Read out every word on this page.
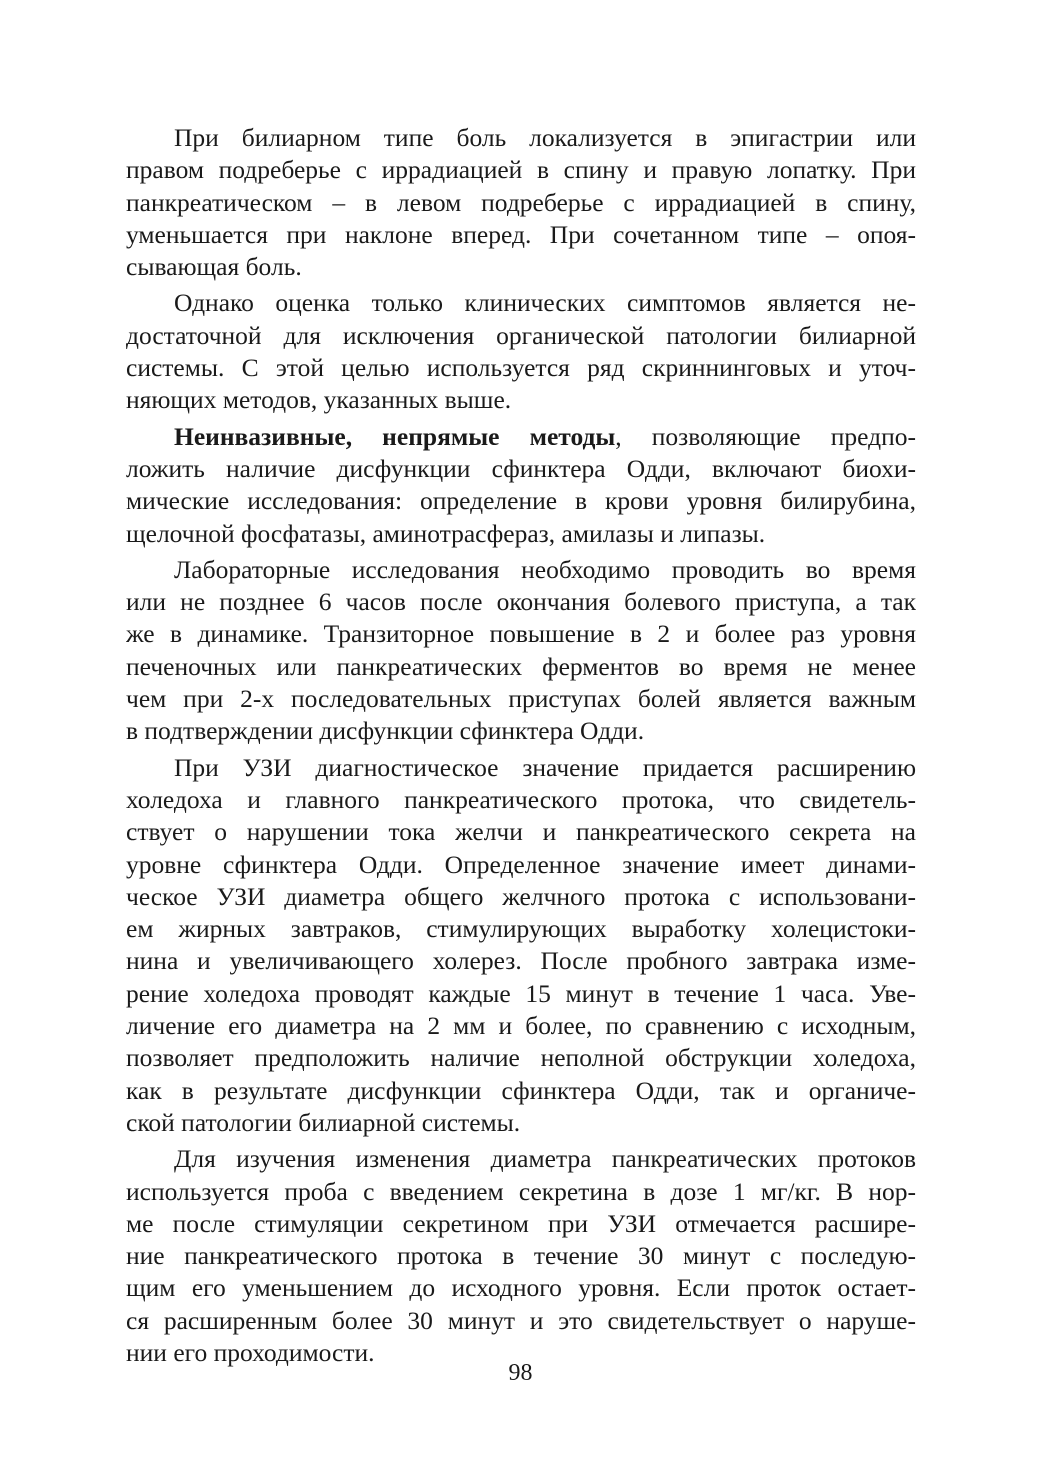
При билиарном типе боль локализуется в эпигастрии или
правом подреберье с иррадиацией в спину и правую лопатку. При
панкреатическом – в левом подреберье с иррадиацией в спину,
уменьшается при наклоне вперед. При сочетанном типе – опоя-
сывающая боль.
Однако оценка только клинических симптомов является не-
достаточной для исключения органической патологии билиарной
системы. С этой целью используется ряд скриннинговых и уточ-
няющих методов, указанных выше.
Неинвазивные, непрямые методы, позволяющие предпо-
ложить наличие дисфункции сфинктера Одди, включают биохи-
мические исследования: определение в крови уровня билирубина,
щелочной фосфатазы, аминотрасфераз, амилазы и липазы.
Лабораторные исследования необходимо проводить во время
или не позднее 6 часов после окончания болевого приступа, а так
же в динамике. Транзиторное повышение в 2 и более раз уровня
печеночных или панкреатических ферментов во время не менее
чем при 2-х последовательных приступах болей является важным
в подтверждении дисфункции сфинктера Одди.
При УЗИ диагностическое значение придается расширению
холедоха и главного панкреатического протока, что свидетель-
ствует о нарушении тока желчи и панкреатического секрета на
уровне сфинктера Одди. Определенное значение имеет динами-
ческое УЗИ диаметра общего желчного протока с использовани-
ем жирных завтраков, стимулирующих выработку холецистоки-
нина и увеличивающего холерез. После пробного завтрака изме-
рение холедоха проводят каждые 15 минут в течение 1 часа. Уве-
личение его диаметра на 2 мм и более, по сравнению с исходным,
позволяет предположить наличие неполной обструкции холедоха,
как в результате дисфункции сфинктера Одди, так и органиче-
ской патологии билиарной системы.
Для изучения изменения диаметра панкреатических протоков
используется проба с введением секретина в дозе 1 мг/кг. В нор-
ме после стимуляции секретином при УЗИ отмечается расшире-
ние панкреатического протока в течение 30 минут с последую-
щим его уменьшением до исходного уровня. Если проток остает-
ся расширенным более 30 минут и это свидетельствует о наруше-
нии его проходимости.
98
